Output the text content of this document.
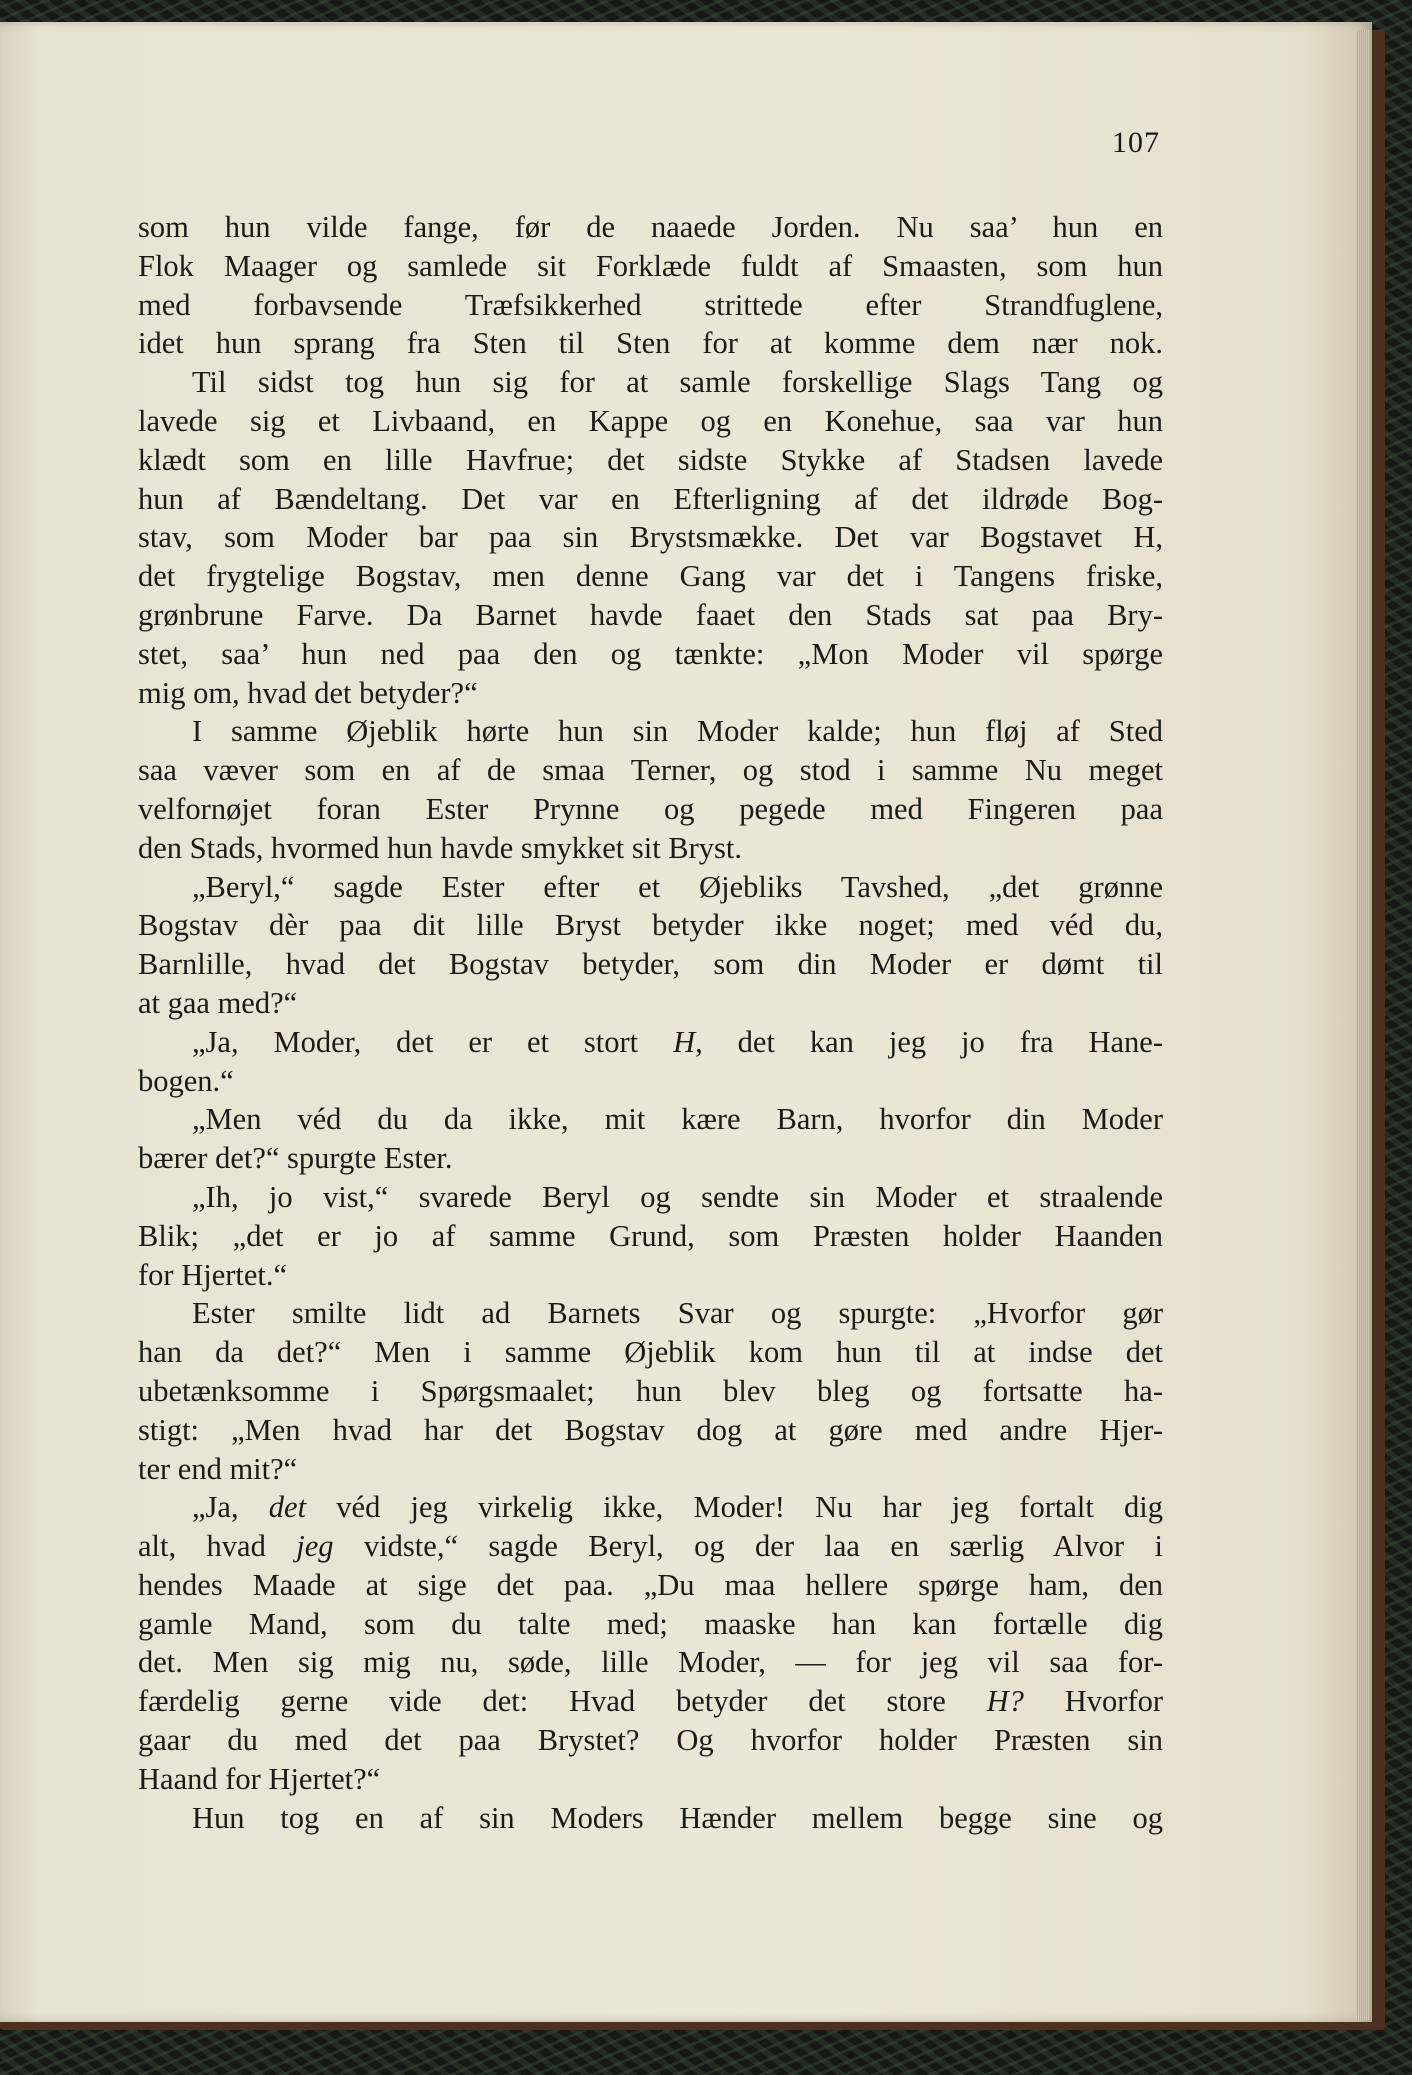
107
som hun vilde fange, før de naaede Jorden. Nu saa’ hun en
Flok Maager og samlede sit Forklæde fuldt af Smaasten, som hun
med forbavsende Træfsikkerhed strittede efter Strandfuglene,
idet hun sprang fra Sten til Sten for at komme dem nær nok.
Til sidst tog hun sig for at samle forskellige Slags Tang og
lavede sig et Livbaand, en Kappe og en Konehue, saa var hun
klædt som en lille Havfrue; det sidste Stykke af Stadsen lavede
hun af Bændeltang. Det var en Efterligning af det ildrøde Bog-
stav, som Moder bar paa sin Brystsmække. Det var Bogstavet H,
det frygtelige Bogstav, men denne Gang var det i Tangens friske,
grønbrune Farve. Da Barnet havde faaet den Stads sat paa Bry-
stet, saa’ hun ned paa den og tænkte: „Mon Moder vil spørge
mig om, hvad det betyder?“
I samme Øjeblik hørte hun sin Moder kalde; hun fløj af Sted
saa væver som en af de smaa Terner, og stod i samme Nu meget
velfornøjet foran Ester Prynne og pegede med Fingeren paa
den Stads, hvormed hun havde smykket sit Bryst.
„Beryl,“ sagde Ester efter et Øjebliks Tavshed, „det grønne
Bogstav dèr paa dit lille Bryst betyder ikke noget; med véd du,
Barnlille, hvad det Bogstav betyder, som din Moder er dømt til
at gaa med?“
„Ja, Moder, det er et stort H, det kan jeg jo fra Hane-
bogen.“
„Men véd du da ikke, mit kære Barn, hvorfor din Moder
bærer det?“ spurgte Ester.
„Ih, jo vist,“ svarede Beryl og sendte sin Moder et straalende
Blik; „det er jo af samme Grund, som Præsten holder Haanden
for Hjertet.“
Ester smilte lidt ad Barnets Svar og spurgte: „Hvorfor gør
han da det?“ Men i samme Øjeblik kom hun til at indse det
ubetænksomme i Spørgsmaalet; hun blev bleg og fortsatte ha-
stigt: „Men hvad har det Bogstav dog at gøre med andre Hjer-
ter end mit?“
„Ja, det véd jeg virkelig ikke, Moder! Nu har jeg fortalt dig
alt, hvad jeg vidste,“ sagde Beryl, og der laa en særlig Alvor i
hendes Maade at sige det paa. „Du maa hellere spørge ham, den
gamle Mand, som du talte med; maaske han kan fortælle dig
det. Men sig mig nu, søde, lille Moder, — for jeg vil saa for-
færdelig gerne vide det: Hvad betyder det store H? Hvorfor
gaar du med det paa Brystet? Og hvorfor holder Præsten sin
Haand for Hjertet?“
Hun tog en af sin Moders Hænder mellem begge sine og
